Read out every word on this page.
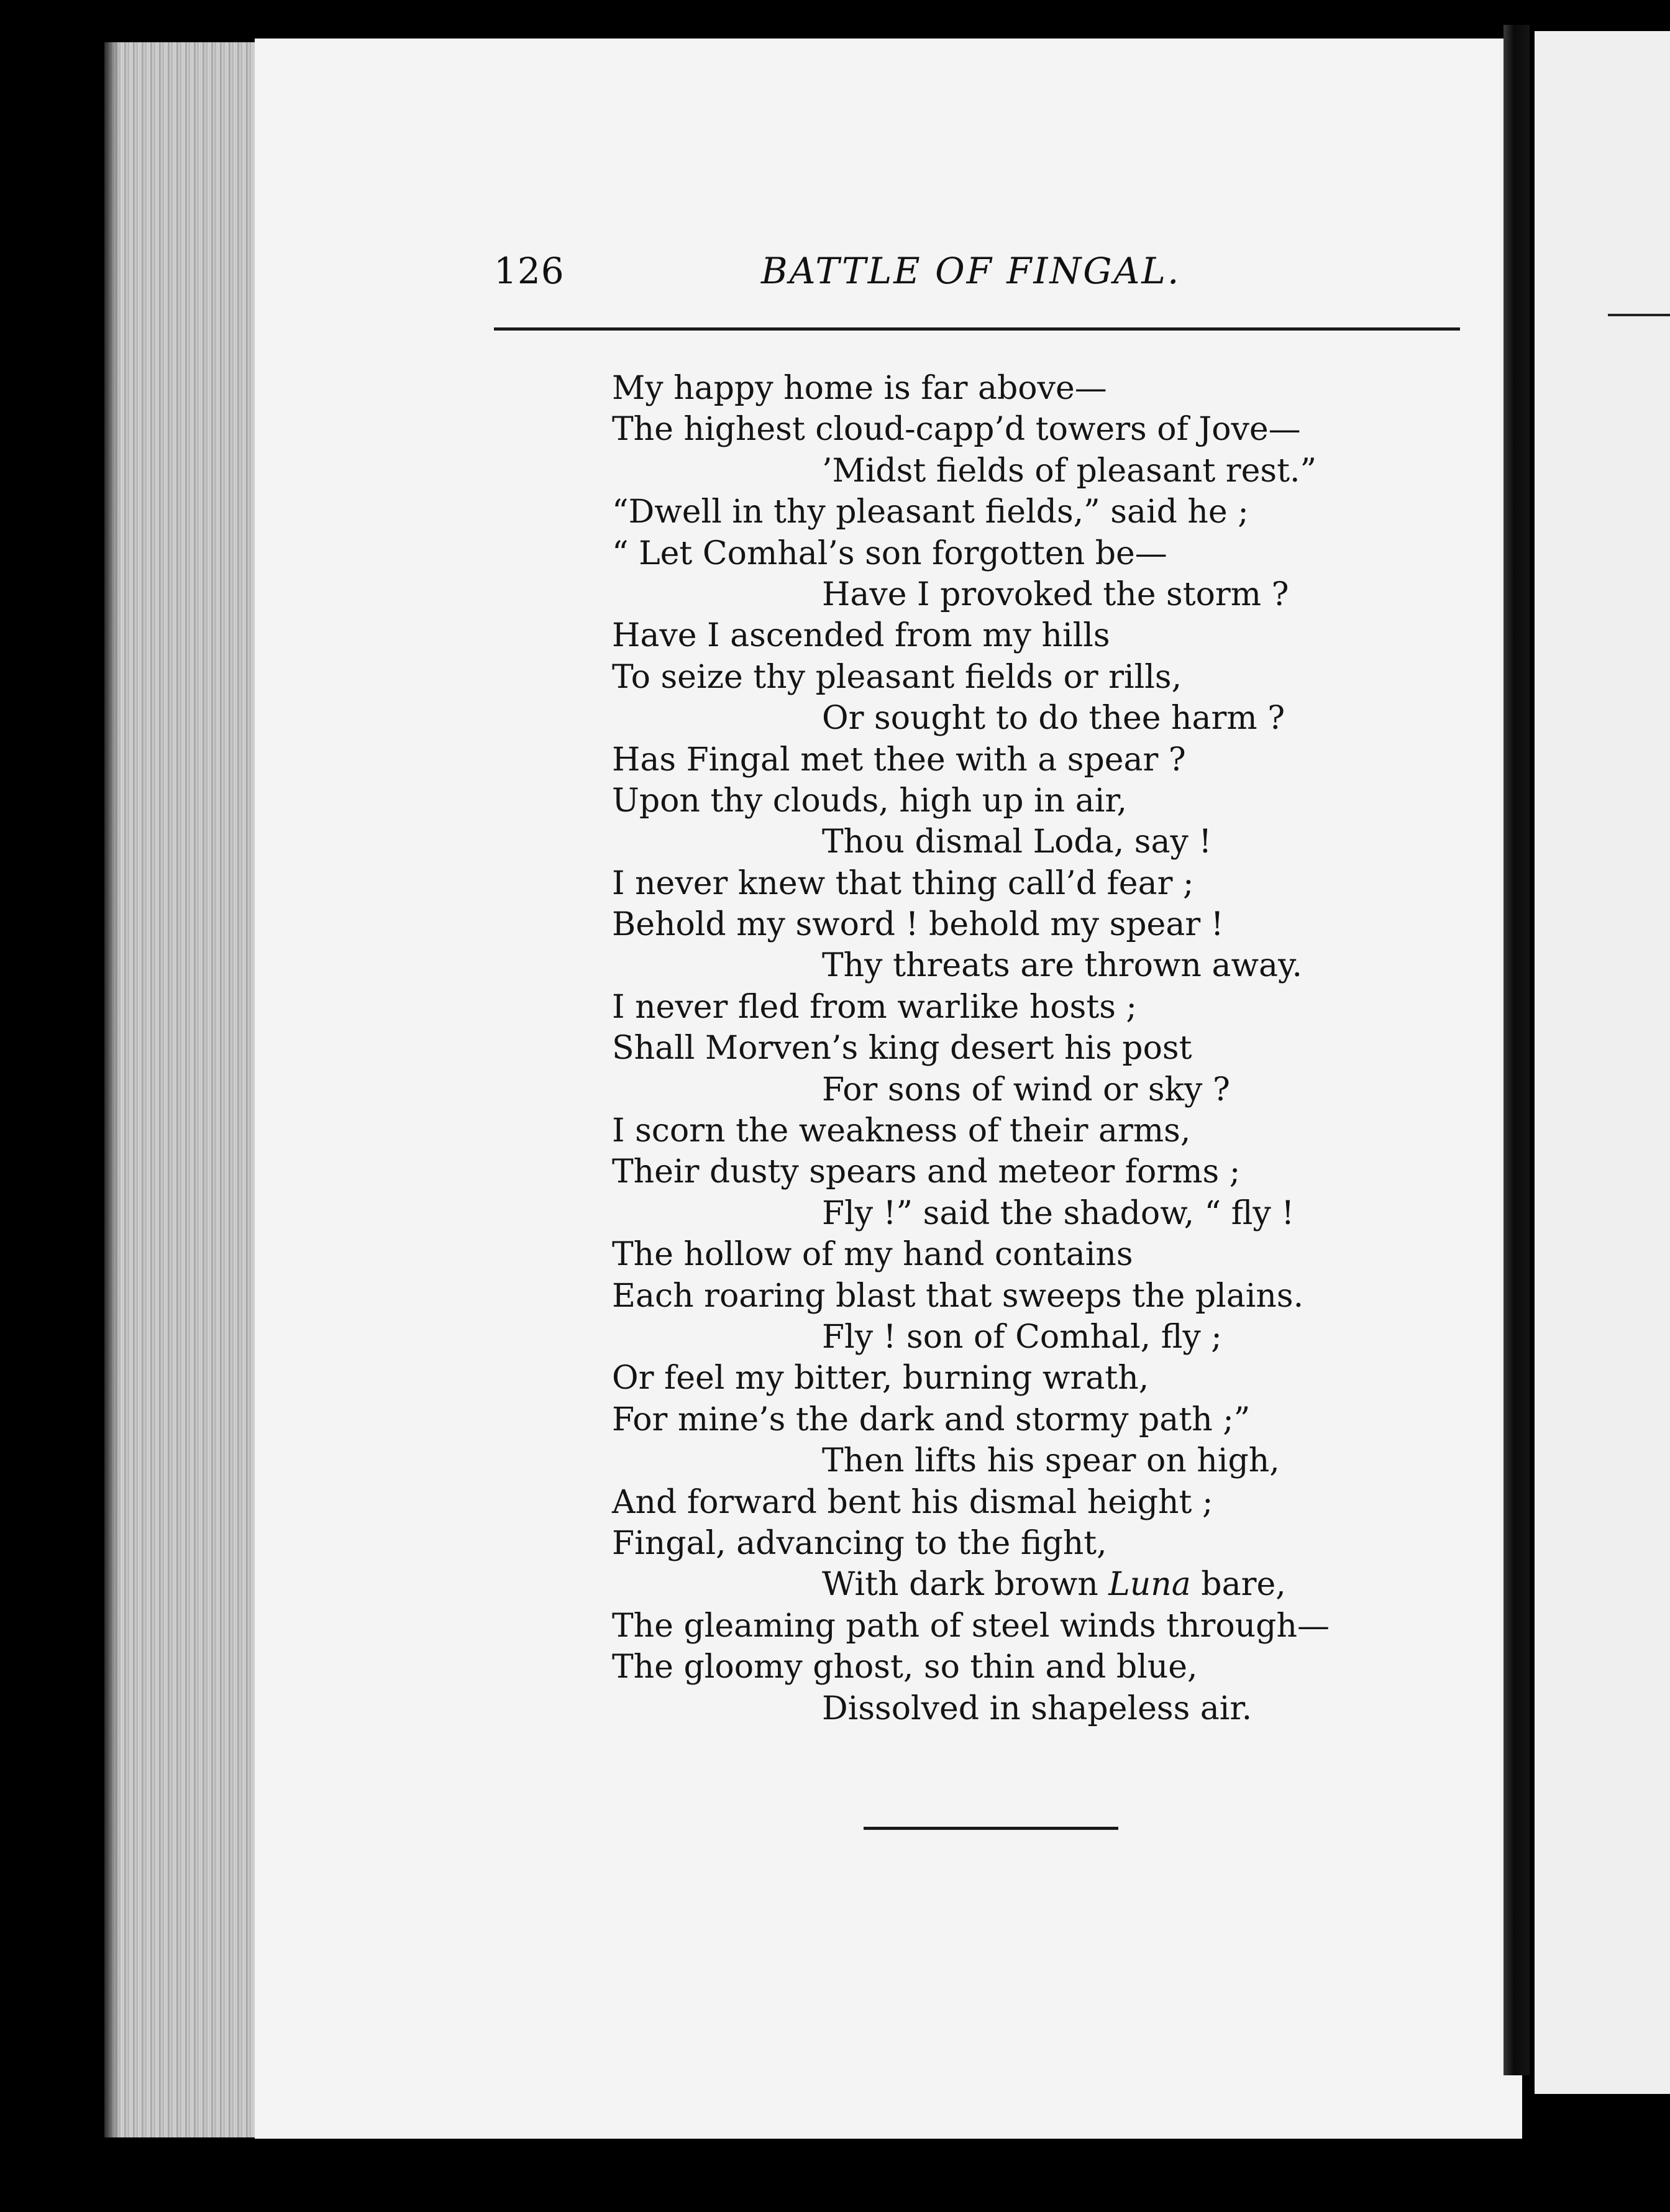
126	BATTLE OF FINGAL.
My happy home is far above—
The highest cloud-capp’d towers of Jove—
’Midst fields of pleasant rest.”
“Dwell in thy pleasant fields,” said he ;
“ Let Comhal’s son forgotten be—
Have I provoked the storm ?
Have I ascended from my hills
To seize thy pleasant fields or rills,
Or sought to do thee harm ?
Has Fingal met thee with a spear ?
Upon thy clouds, high up in air,
Thou dismal Loda, say !
I never knew that thing call’d fear ;
Behold my sword ! behold my spear !
Thy threats are thrown away.
I never fled from warlike hosts ;
Shall Morven’s king desert his post
For sons of wind or sky ?
I scorn the weakness of their arms,
Their dusty spears and meteor forms ;
Fly !” said the shadow, “ fly !
The hollow of my hand contains
Each roaring blast that sweeps the plains.
Fly ! son of Comhal, fly ;
Or feel my bitter, burning wrath,
For mine’s the dark and stormy path ;”
Then lifts his spear on high,
And forward bent his dismal height ;
Fingal, advancing to the fight,
With dark brown Luna bare,
The gleaming path of steel winds through—
The gloomy ghost, so thin and blue,
Dissolved in shapeless air.
